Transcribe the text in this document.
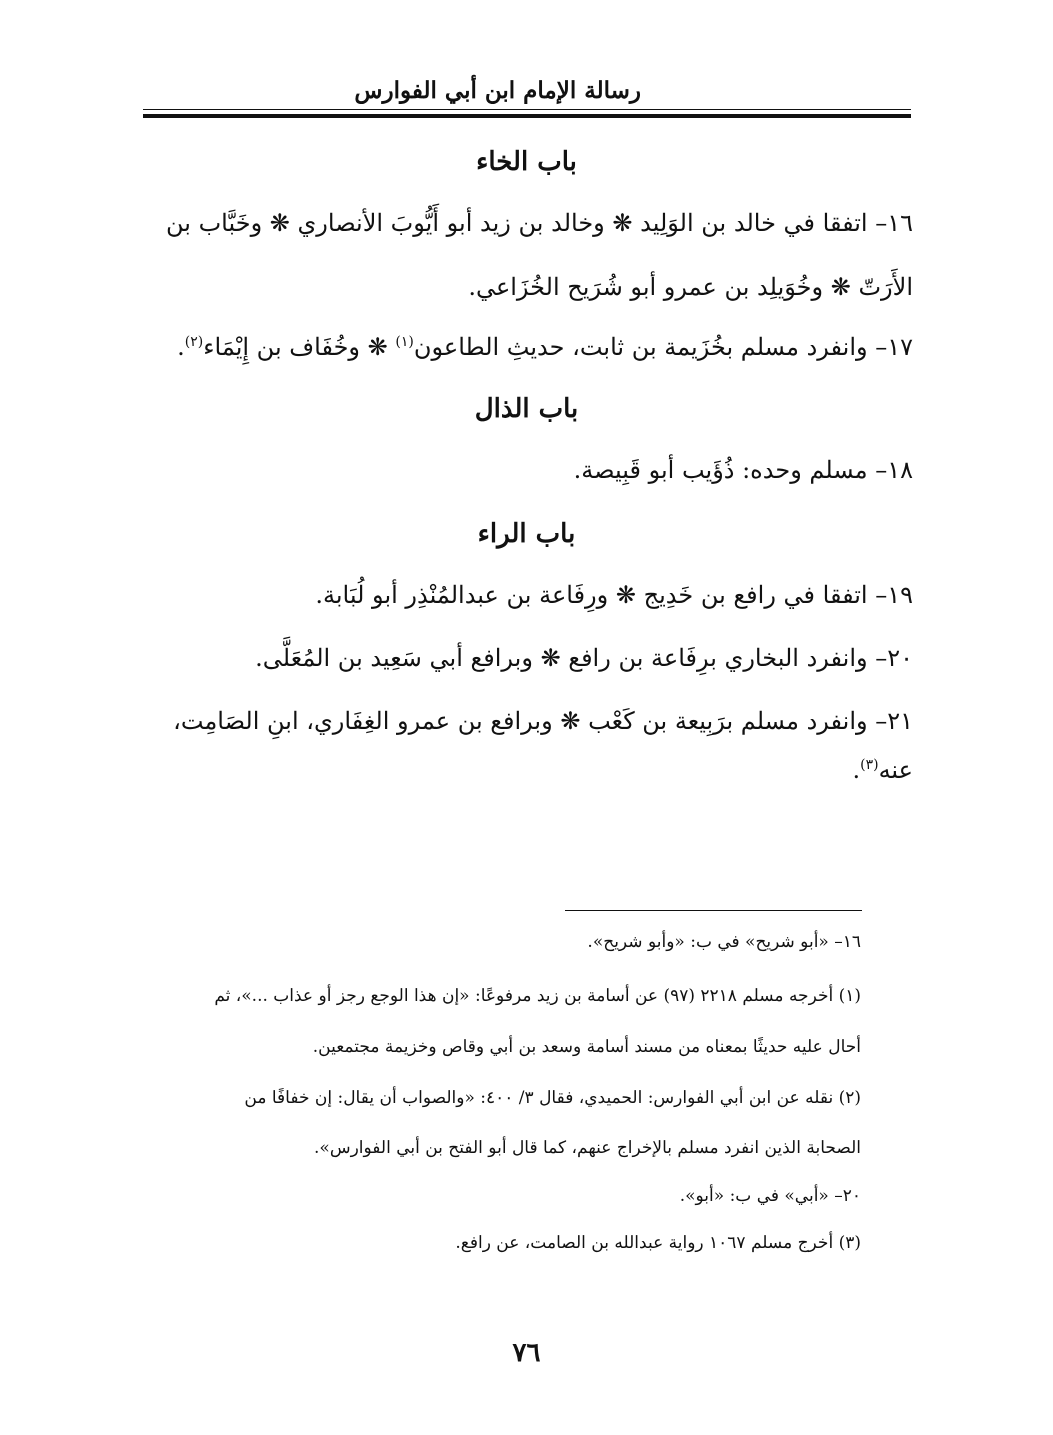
رسالة الإمام ابن أبي الفوارس
باب الخاء
١٦– اتفقا في خالد بن الوَلِيد ❋ وخالد بن زيد أبو أَيُّوبَ الأنصاري ❋ وخَبَّاب بن
الأَرَتّ ❋ وخُوَيلِد بن عمرو أبو شُرَيح الخُزَاعي.
١٧– وانفرد مسلم بخُزَيمة بن ثابت، حديثِ الطاعون$^{(١)}$ ❋ وخُفَاف بن إِيْمَاء$^{(٢)}$.
باب الذال
١٨– مسلم وحده: ذُؤَيب أبو قَبِيصة.
باب الراء
١٩– اتفقا في رافع بن خَدِيج ❋ ورِفَاعة بن عبدالمُنْذِر أبو لُبَابة.
٢٠– وانفرد البخاري برِفَاعة بن رافع ❋ وبرافع أبي سَعِيد بن المُعَلَّى.
٢١– وانفرد مسلم برَبِيعة بن كَعْب ❋ وبرافع بن عمرو الغِفَاري، ابنِ الصَامِت،
عنه$^{(٣)}$.
١٦– «أبو شريح» في ب: «وأبو شريح».
(١) أخرجه مسلم ٢٢١٨ (٩٧) عن أسامة بن زيد مرفوعًا: «إن هذا الوجع رجز أو عذاب ...»، ثم
أحال عليه حديثًا بمعناه من مسند أسامة وسعد بن أبي وقاص وخزيمة مجتمعين.
(٢) نقله عن ابن أبي الفوارس: الحميدي، فقال ٣/ ٤٠٠: «والصواب أن يقال: إن خفافًا من
الصحابة الذين انفرد مسلم بالإخراج عنهم، كما قال أبو الفتح بن أبي الفوارس».
٢٠– «أبي» في ب: «أبو».
(٣) أخرج مسلم ١٠٦٧ رواية عبدالله بن الصامت، عن رافع.
٧٦
